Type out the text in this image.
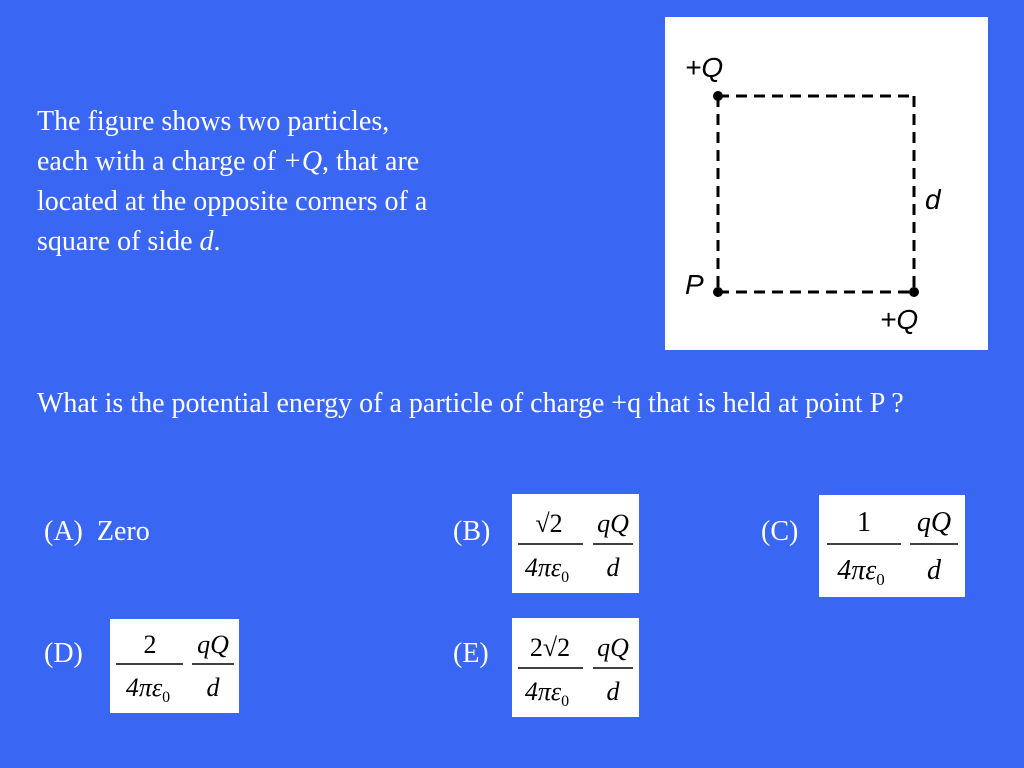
The figure shows two particles,
each with a charge of +Q, that are
located at the opposite corners of a
square of side d.
+Q
+Q
P
d
What is the potential energy of a particle of charge +q that is held at point P ?
(A) Zero	(B) √2
$4\pi\varepsilon_0$
qQ
d
(C) 1
$4\pi\varepsilon_0$
qQ
d
(D) 2
$4\pi\varepsilon_0$
qQ
d
(E) 2√2
$4\pi\varepsilon_0$
qQ
d
